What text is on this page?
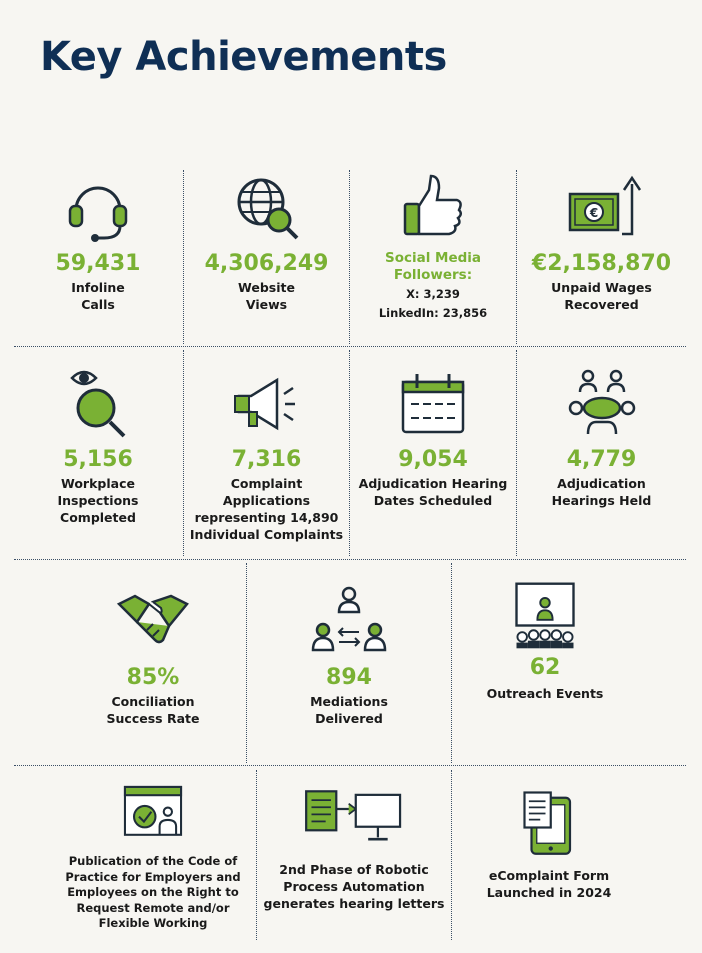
Key Achievements
59,431
Infoline
Calls
4,306,249
Website
Views
Social Media
Followers:
X: 3,239
LinkedIn: 23,856
€
€2,158,870
Unpaid Wages
Recovered
5,156
Workplace
Inspections
Completed
7,316
Complaint
Applications
representing 14,890
Individual Complaints
9,054
Adjudication Hearing
Dates Scheduled
4,779
Adjudication
Hearings Held
85%
Conciliation
Success Rate
894
Mediations
Delivered
62
Outreach Events
Publication of the Code of
Practice for Employers and
Employees on the Right to
Request Remote and/or
Flexible Working
2nd Phase of Robotic
Process Automation
generates hearing letters
eComplaint Form
Launched in 2024
